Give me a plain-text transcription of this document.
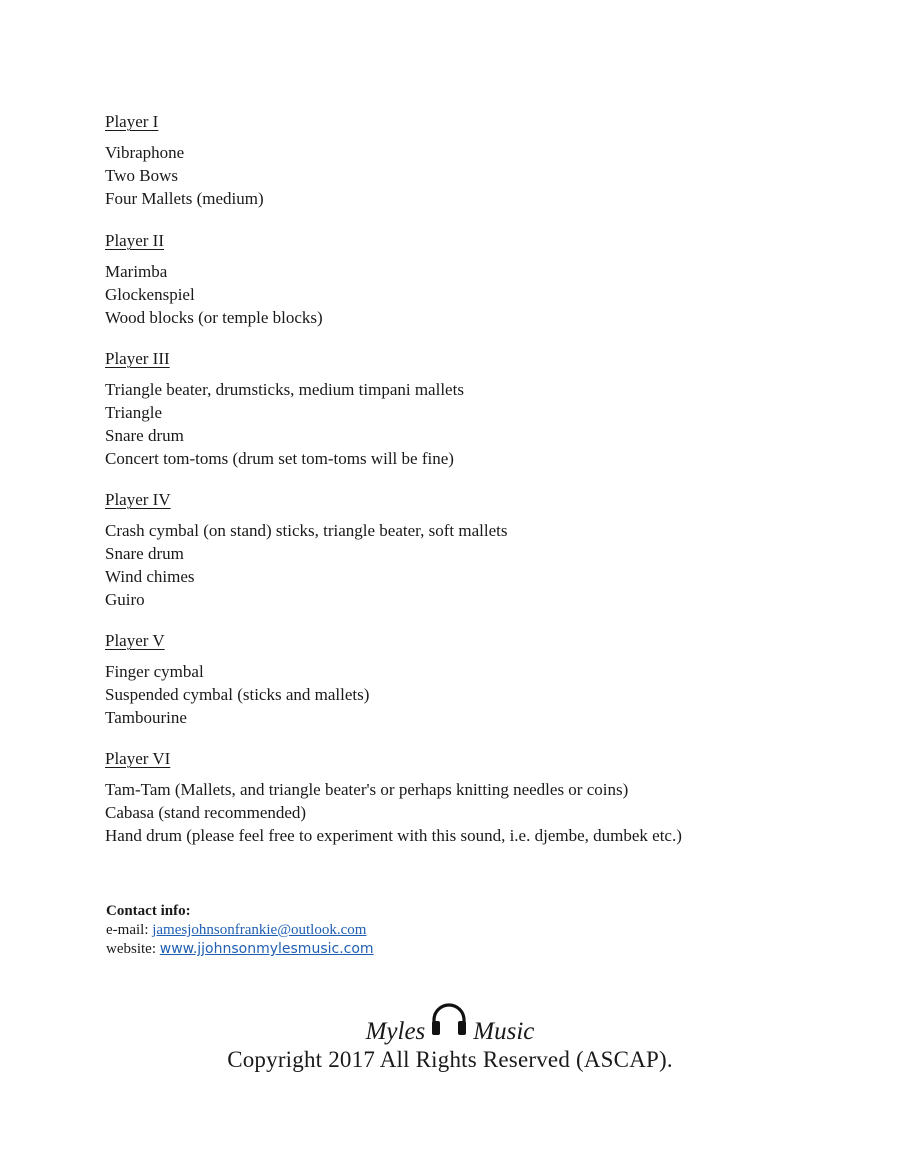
Player I
Vibraphone
Two Bows
Four Mallets (medium)
Player II
Marimba
Glockenspiel
Wood blocks (or temple blocks)
Player III
Triangle beater, drumsticks, medium timpani mallets
Triangle
Snare drum
Concert tom-toms (drum set tom-toms will be fine)
Player IV
Crash cymbal (on stand) sticks, triangle beater, soft mallets
Snare drum
Wind chimes
Guiro
Player V
Finger cymbal
Suspended cymbal (sticks and mallets)
Tambourine
Player VI
Tam-Tam (Mallets, and triangle beater's or perhaps knitting needles or coins)
Cabasa (stand recommended)
Hand drum (please feel free to experiment with this sound, i.e. djembe, dumbek etc.)
Contact info:
e-mail: jamesjohnsonfrankie@outlook.com
website: www.jjohnsonmylesmusic.com
Myles Music
Copyright 2017 All Rights Reserved (ASCAP).
